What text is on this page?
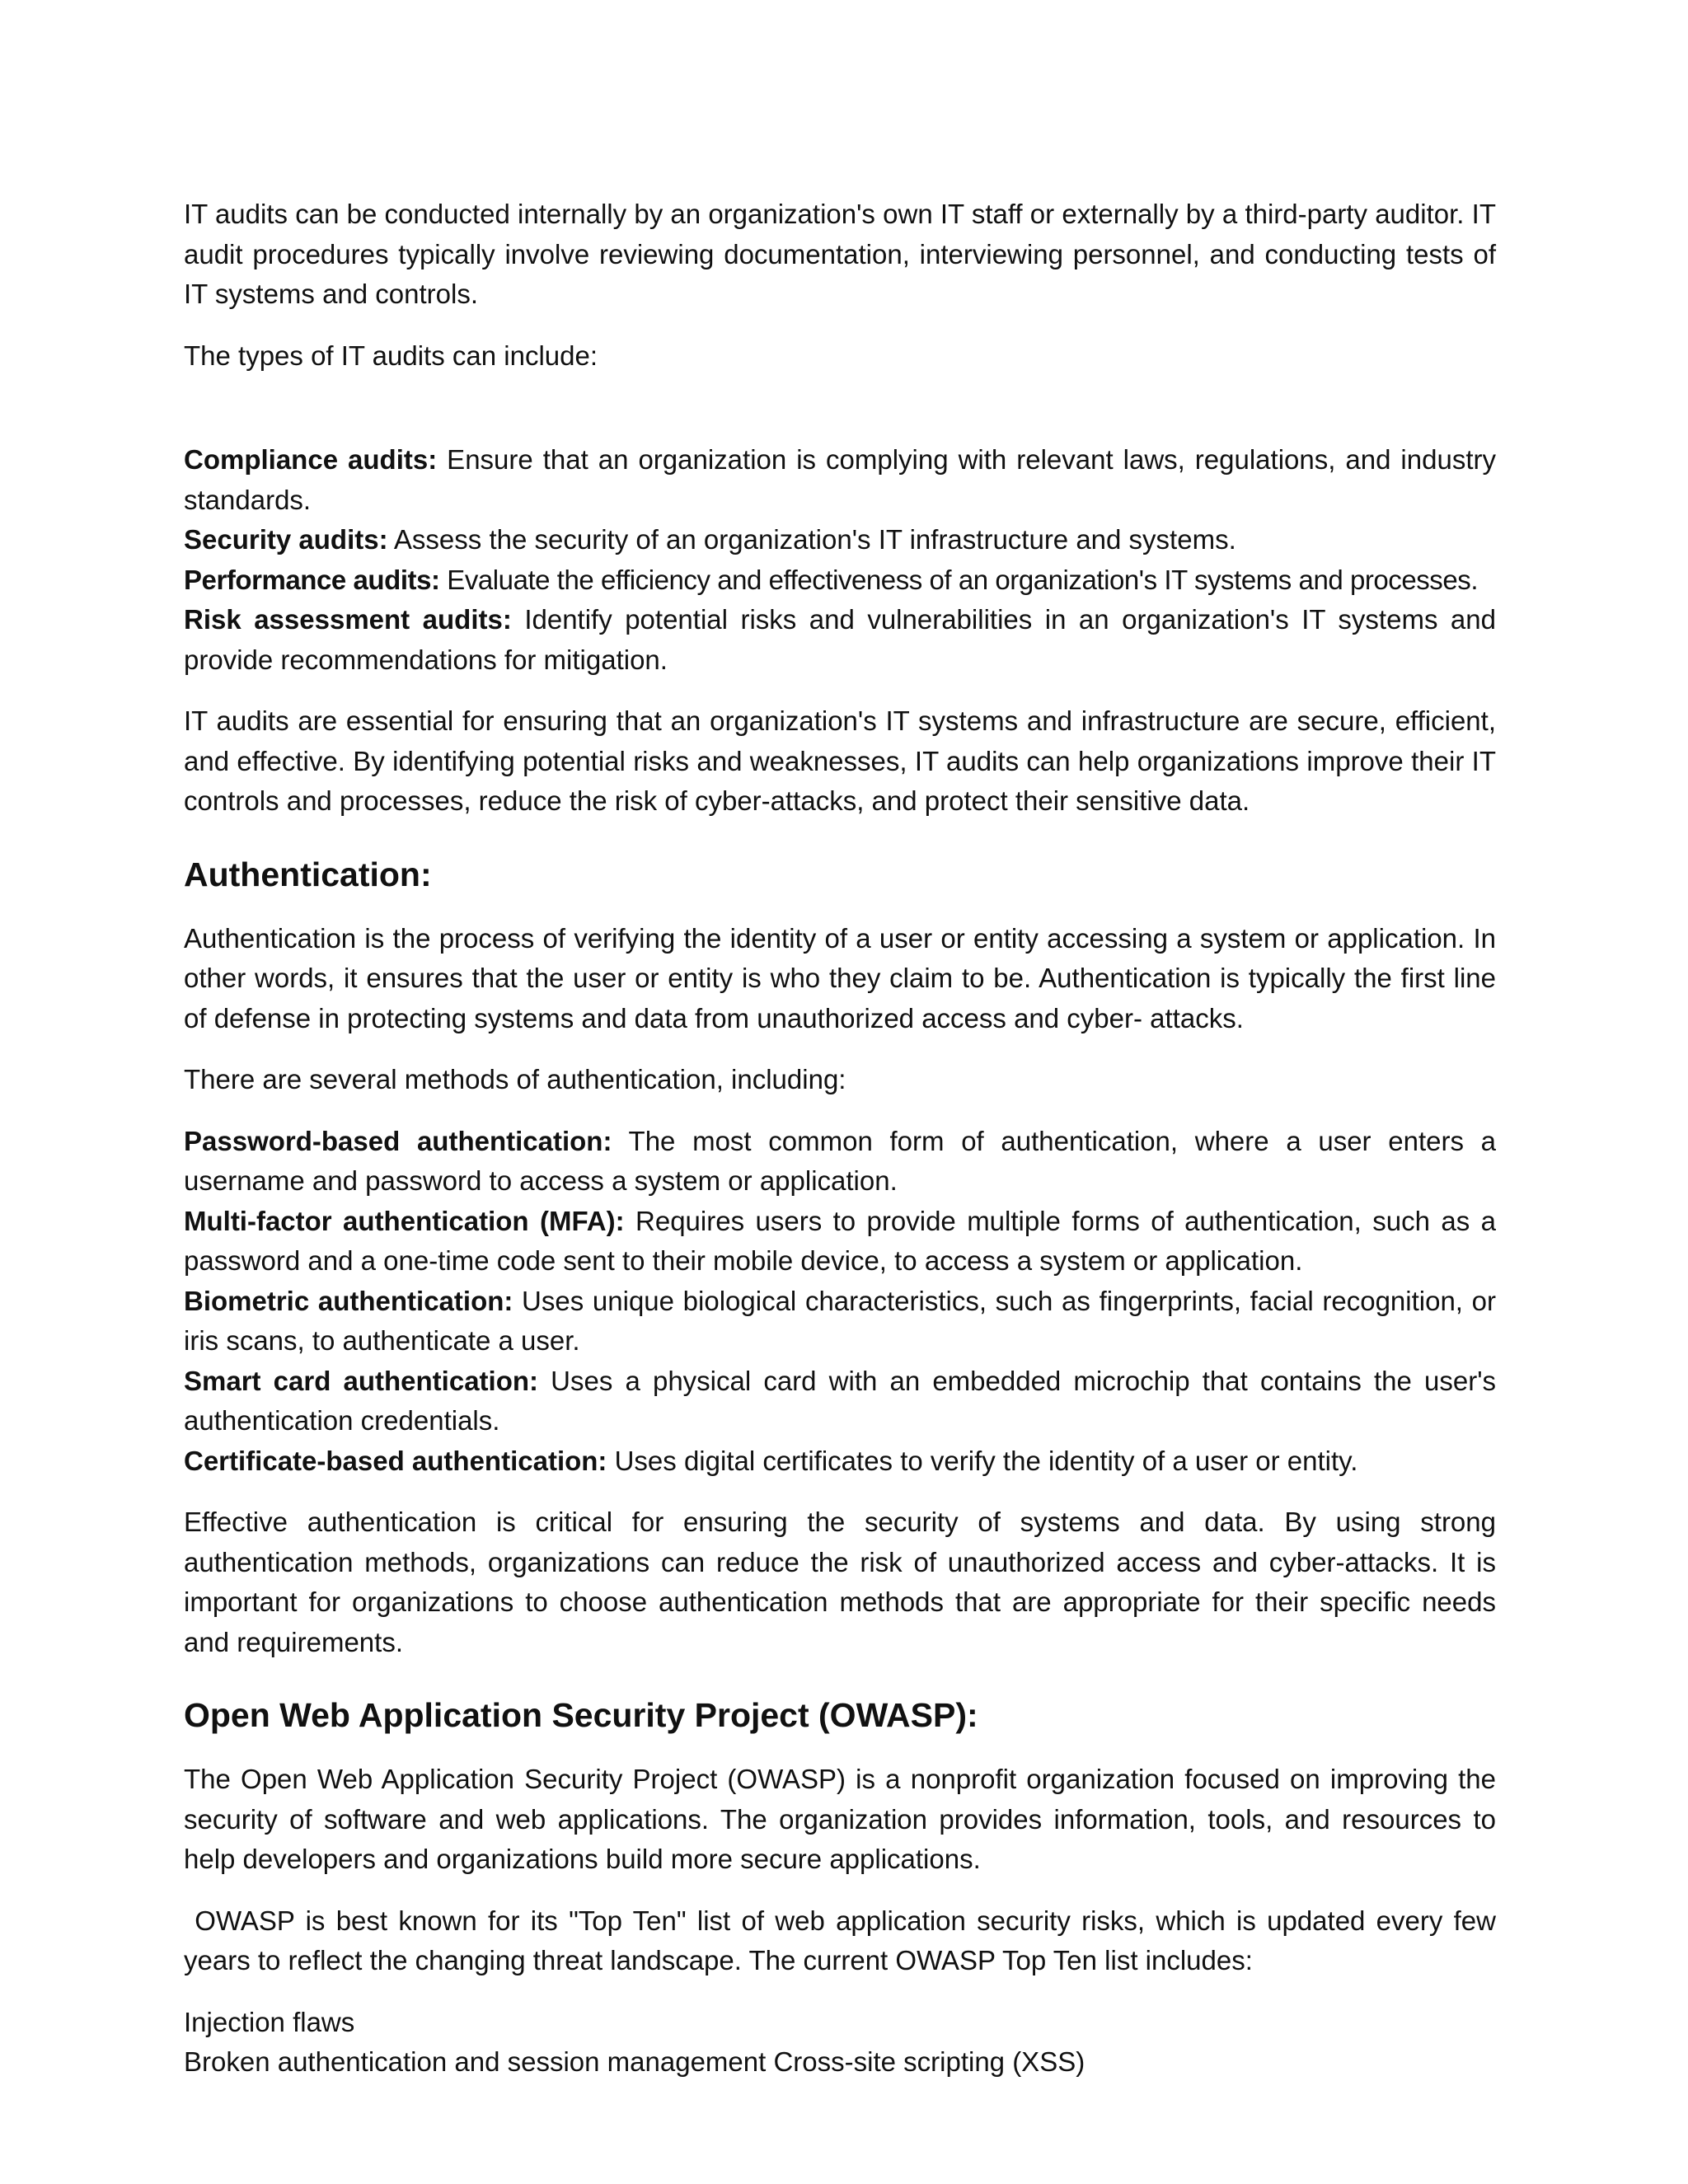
IT audits can be conducted internally by an organization's own IT staff or externally by a third-party auditor. IT audit procedures typically involve reviewing documentation, interviewing personnel, and conducting tests of IT systems and controls.

The types of IT audits can include:

Compliance audits: Ensure that an organization is complying with relevant laws, regulations, and industry standards.

Security audits: Assess the security of an organization's IT infrastructure and systems.

Performance audits: Evaluate the efficiency and effectiveness of an organization's IT systems and processes.

Risk assessment audits: Identify potential risks and vulnerabilities in an organization's IT systems and provide recommendations for mitigation.

IT audits are essential for ensuring that an organization's IT systems and infrastructure are secure, efficient, and effective. By identifying potential risks and weaknesses, IT audits can help organizations improve their IT controls and processes, reduce the risk of cyber-attacks, and protect their sensitive data.

Authentication:

Authentication is the process of verifying the identity of a user or entity accessing a system or application. In other words, it ensures that the user or entity is who they claim to be. Authentication is typically the first line of defense in protecting systems and data from unauthorized access and cyber- attacks.

There are several methods of authentication, including:

Password-based authentication: The most common form of authentication, where a user enters a username and password to access a system or application.

Multi-factor authentication (MFA): Requires users to provide multiple forms of authentication, such as a password and a one-time code sent to their mobile device, to access a system or application.

Biometric authentication: Uses unique biological characteristics, such as fingerprints, facial recognition, or iris scans, to authenticate a user.

Smart card authentication: Uses a physical card with an embedded microchip that contains the user's authentication credentials.

Certificate-based authentication: Uses digital certificates to verify the identity of a user or entity.

Effective authentication is critical for ensuring the security of systems and data. By using strong authentication methods, organizations can reduce the risk of unauthorized access and cyber-attacks. It is important for organizations to choose authentication methods that are appropriate for their specific needs and requirements.

Open Web Application Security Project (OWASP):

The Open Web Application Security Project (OWASP) is a nonprofit organization focused on improving the security of software and web applications. The organization provides information, tools, and resources to help developers and organizations build more secure applications.

OWASP is best known for its "Top Ten" list of web application security risks, which is updated every few years to reflect the changing threat landscape. The current OWASP Top Ten list includes:

Injection flaws

Broken authentication and session management Cross-site scripting (XSS)
